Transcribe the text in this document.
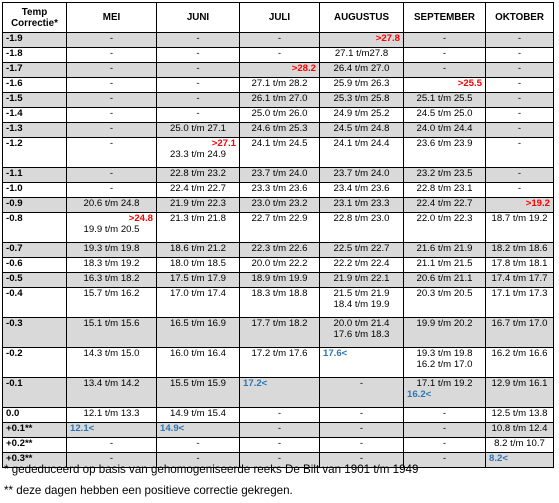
Temp
Correctie*	MEI	JUNI	JULI	AUGUSTUS	SEPTEMBER	OKTOBER
-1.9	-	-	-	>27.8	-	-

-1.8	-	-	-	27.1 t/m27.8	-	-

-1.7	-	-	>28.2	26.4 t/m 27.0	-	-

-1.6	-	-	27.1 t/m 28.2	25.9 t/m 26.3	>25.5	-

-1.5	-	-	26.1 t/m 27.0	25.3 t/m 25.8	25.1 t/m 25.5	-

-1.4	-	-	25.0 t/m 26.0	24.9 t/m 25.2	24.5 t/m 25.0	-

-1.3	-	25.0 t/m 27.1	24.6 t/m 25.3	24.5 t/m 24.8	24.0 t/m 24.4	-

-1.2	-	>27.1
23.3 t/m 24.9	24.1 t/m 24.5	24.1 t/m 24.4	23.6 t/m 23.9	-

-1.1	-	22.8 t/m 23.2	23.7 t/m 24.0	23.7 t/m 24.0	23.2 t/m 23.5	-

-1.0	-	22.4 t/m 22.7	23.3 t/m 23.6	23.4 t/m 23.6	22.8 t/m 23.1	-

-0.9	20.6 t/m 24.8	21.9 t/m 22.3	23.0 t/m 23.2	23.1 t/m 23.3	22.4 t/m 22.7	>19.2

-0.8	>24.8
19.9 t/m 20.5	21.3 t/m 21.8	22.7 t/m 22.9	22.8 t/m 23.0	22.0 t/m 22.3	18.7 t/m 19.2

-0.7	19.3 t/m 19.8	18.6 t/m 21.2	22.3 t/m 22.6	22.5 t/m 22.7	21.6 t/m 21.9	18.2 t/m 18.6

-0.6	18.3 t/m 19.2	18.0 t/m 18.5	20.0 t/m 22.2	22.2 t/m 22.4	21.1 t/m 21.5	17.8 t/m 18.1

-0.5	16.3 t/m 18.2	17.5 t/m 17.9	18.9 t/m 19.9	21.9 t/m 22.1	20.6 t/m 21.1	17.4 t/m 17.7

-0.4	15.7 t/m 16.2	17.0 t/m 17.4	18.3 t/m 18.8	21.5 t/m 21.9
18.4 t/m 19.9	20.3 t/m 20.5	17.1 t/m 17.3

-0.3	15.1 t/m 15.6	16.5 t/m 16.9	17.7 t/m 18.2	20.0 t/m 21.4
17.6 t/m 18.3	19.9 t/m 20.2	16.7 t/m 17.0

-0.2	14.3 t/m 15.0	16.0 t/m 16.4	17.2 t/m 17.6	17.6<	19.3 t/m 19.8
16.2 t/m 17.0	16.2 t/m 16.6

-0.1	13.4 t/m 14.2	15.5 t/m 15.9	17.2<	-	17.1 t/m 19.2
16.2<	12.9 t/m 16.1

0.0	12.1 t/m 13.3	14.9 t/m 15.4	-	-	-	12.5 t/m 13.8

+0.1**	12.1<	14.9<	-	-	-	10.8 t/m 12.4

+0.2**	-	-	-	-	-	8.2 t/m 10.7

+0.3**	-	-	-	-	-	8.2<
* gededuceerd op basis van gehomogeniseerde reeks De Bilt van 1901 t/m 1949
** deze dagen hebben een positieve correctie gekregen.
